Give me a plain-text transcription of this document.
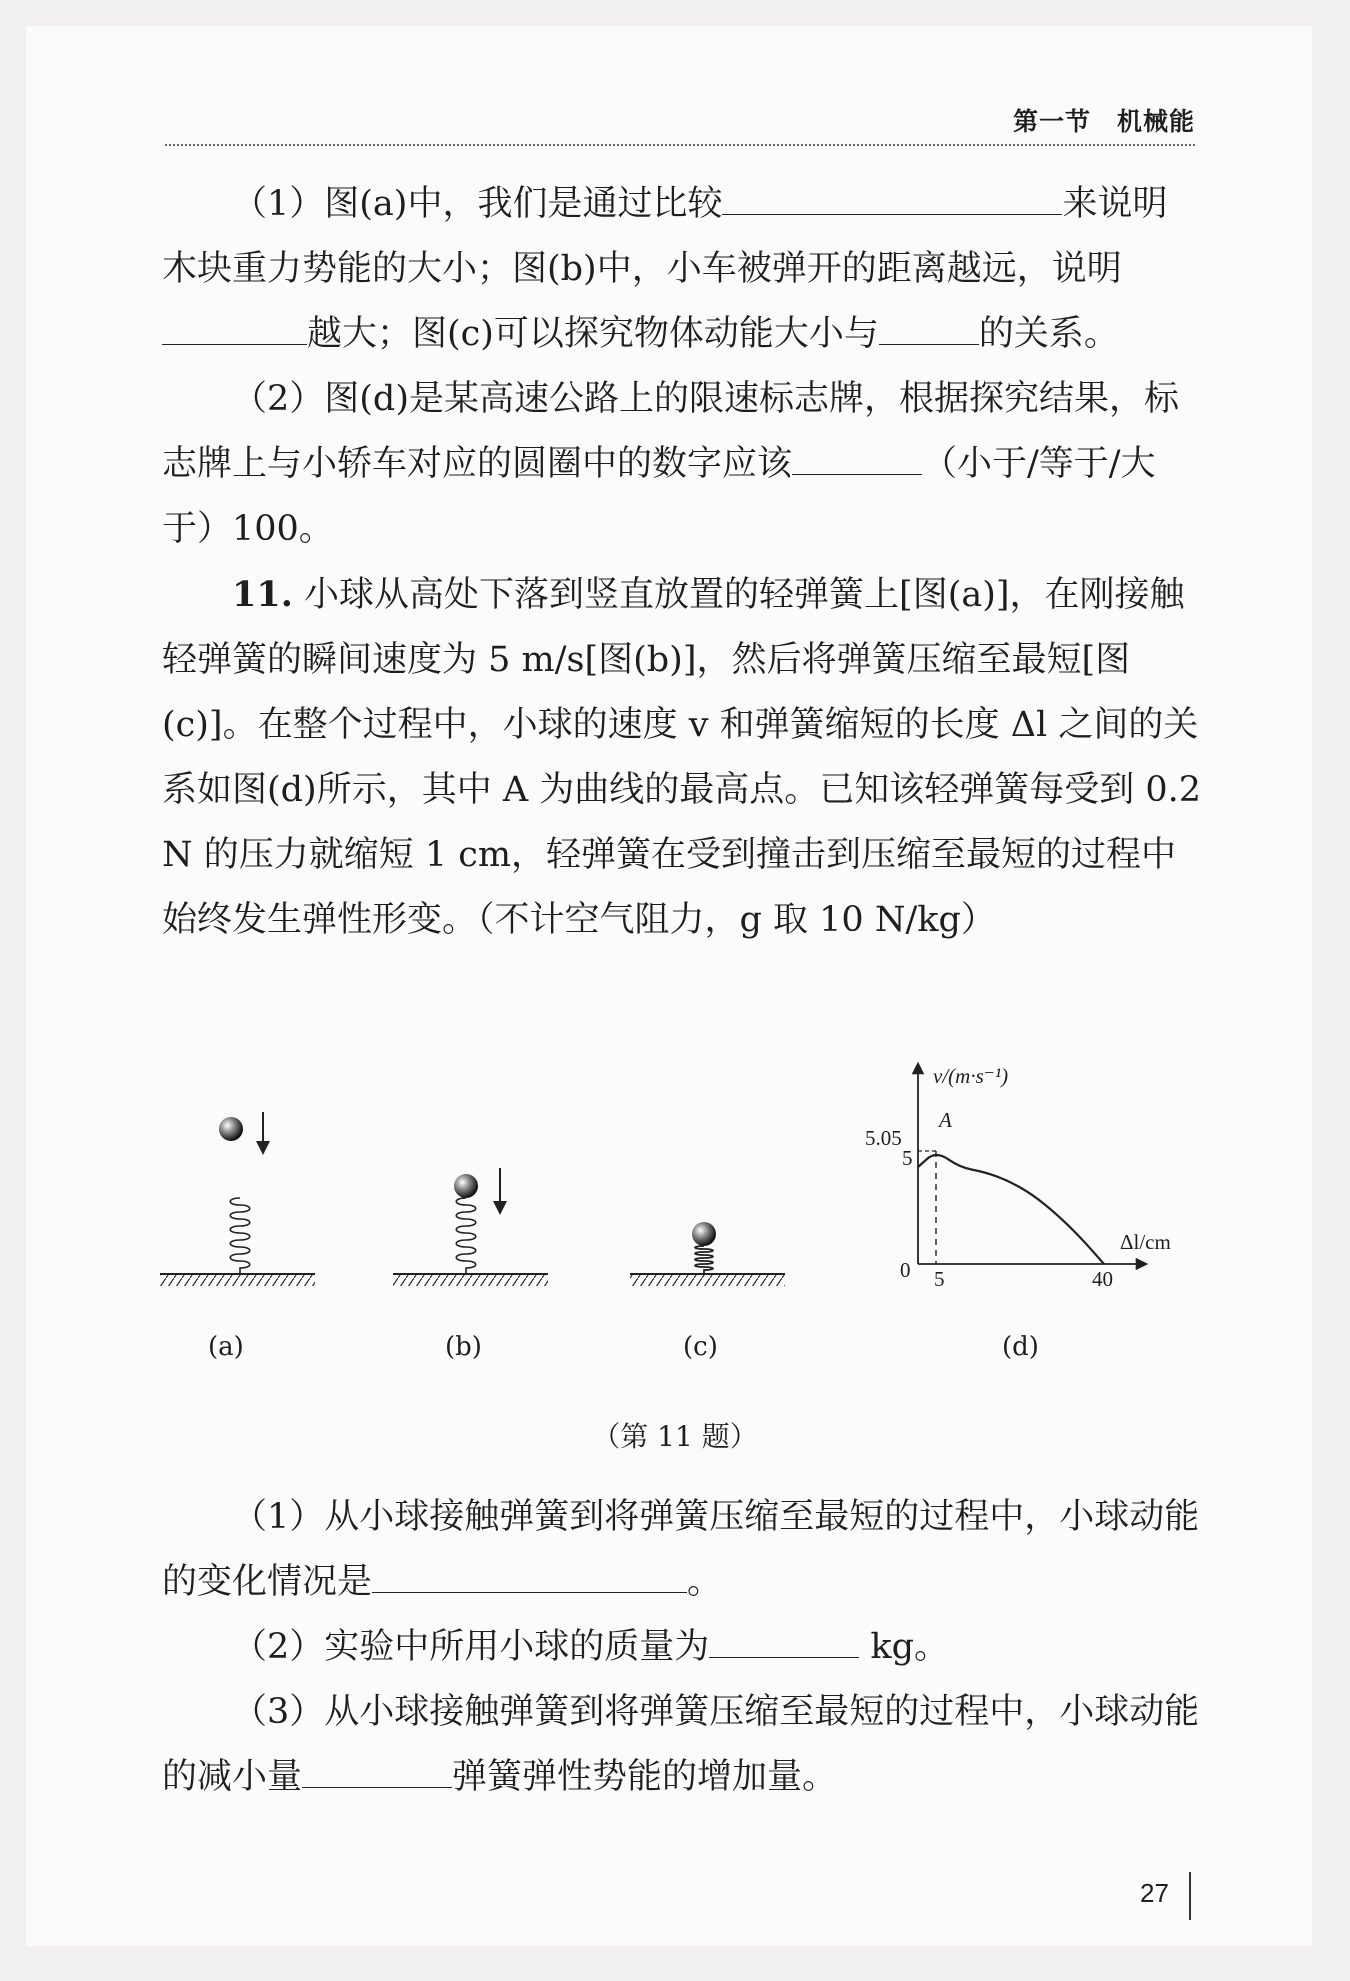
第一节　机械能

（1）图(a)中，我们是通过比较	来说明木块重力势能的大小；图(b)中，小车被弹开的距离越远，说明越大；图(c)可以探究物体动能大小与	的关系。

（2）图(d)是某高速公路上的限速标志牌，根据探究结果，标志牌上与小轿车对应的圆圈中的数字应该	（小于/等于/大于）100。

11. 小球从高处下落到竖直放置的轻弹簧上[图(a)]，在刚接触轻弹簧的瞬间速度为 5 m/s[图(b)]，然后将弹簧压缩至最短[图(c)]。在整个过程中，小球的速度 v 和弹簧缩短的长度 Δl 之间的关系如图(d)所示，其中 A 为曲线的最高点。已知该轻弹簧每受到 0.2 N 的压力就缩短 1 cm，轻弹簧在受到撞击到压缩至最短的过程中始终发生弹性形变。（不计空气阻力，g 取 10 N/kg）

v/(m·s⁻¹)
5.05
5
A
0 5	40
Δl/cm
(a)	(b)	(c)	(d)
（第 11 题）

（1）从小球接触弹簧到将弹簧压缩至最短的过程中，小球动能的变化情况是	。

（2）实验中所用小球的质量为	kg。

（3）从小球接触弹簧到将弹簧压缩至最短的过程中，小球动能的减小量	弹簧弹性势能的增加量。

27
